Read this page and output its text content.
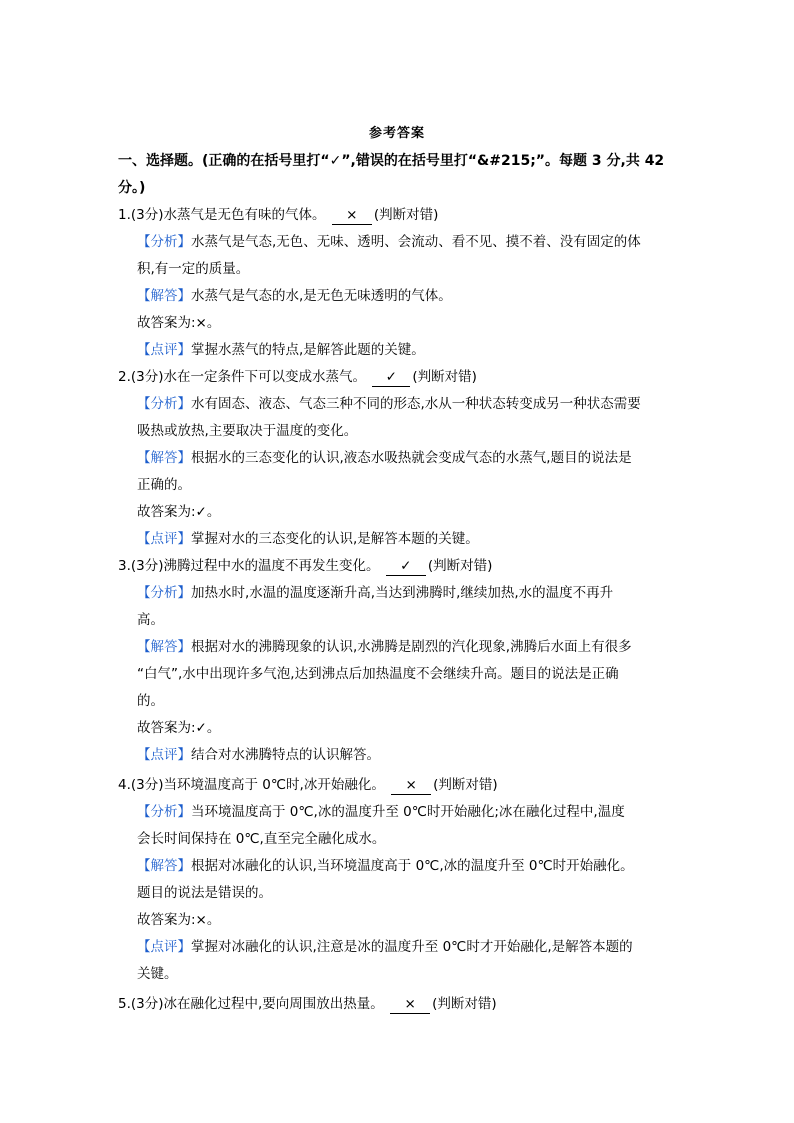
参考答案
一、选择题。(正确的在括号里打“✓”,错误的在括号里打“&#215;”。每题 3 分,共 42
分。)
1.(3分)水蒸气是无色有味的气体。 × (判断对错)
【分析】水蒸气是气态,无色、无味、透明、会流动、看不见、摸不着、没有固定的体
积,有一定的质量。
【解答】水蒸气是气态的水,是无色无味透明的气体。
故答案为:×。
【点评】掌握水蒸气的特点,是解答此题的关键。
2.(3分)水在一定条件下可以变成水蒸气。 ✓ (判断对错)
【分析】水有固态、液态、气态三种不同的形态,水从一种状态转变成另一种状态需要
吸热或放热,主要取决于温度的变化。
【解答】根据水的三态变化的认识,液态水吸热就会变成气态的水蒸气,题目的说法是
正确的。
故答案为:✓。
【点评】掌握对水的三态变化的认识,是解答本题的关键。
3.(3分)沸腾过程中水的温度不再发生变化。 ✓ (判断对错)
【分析】加热水时,水温的温度逐渐升高,当达到沸腾时,继续加热,水的温度不再升
高。
【解答】根据对水的沸腾现象的认识,水沸腾是剧烈的汽化现象,沸腾后水面上有很多
“白气”,水中出现许多气泡,达到沸点后加热温度不会继续升高。题目的说法是正确
的。
故答案为:✓。
【点评】结合对水沸腾特点的认识解答。
4.(3分)当环境温度高于 0℃时,冰开始融化。 × (判断对错)
【分析】当环境温度高于 0℃,冰的温度升至 0℃时开始融化;冰在融化过程中,温度
会长时间保持在 0℃,直至完全融化成水。
【解答】根据对冰融化的认识,当环境温度高于 0℃,冰的温度升至 0℃时开始融化。
题目的说法是错误的。
故答案为:×。
【点评】掌握对冰融化的认识,注意是冰的温度升至 0℃时才开始融化,是解答本题的
关键。
5.(3分)冰在融化过程中,要向周围放出热量。 × (判断对错)
